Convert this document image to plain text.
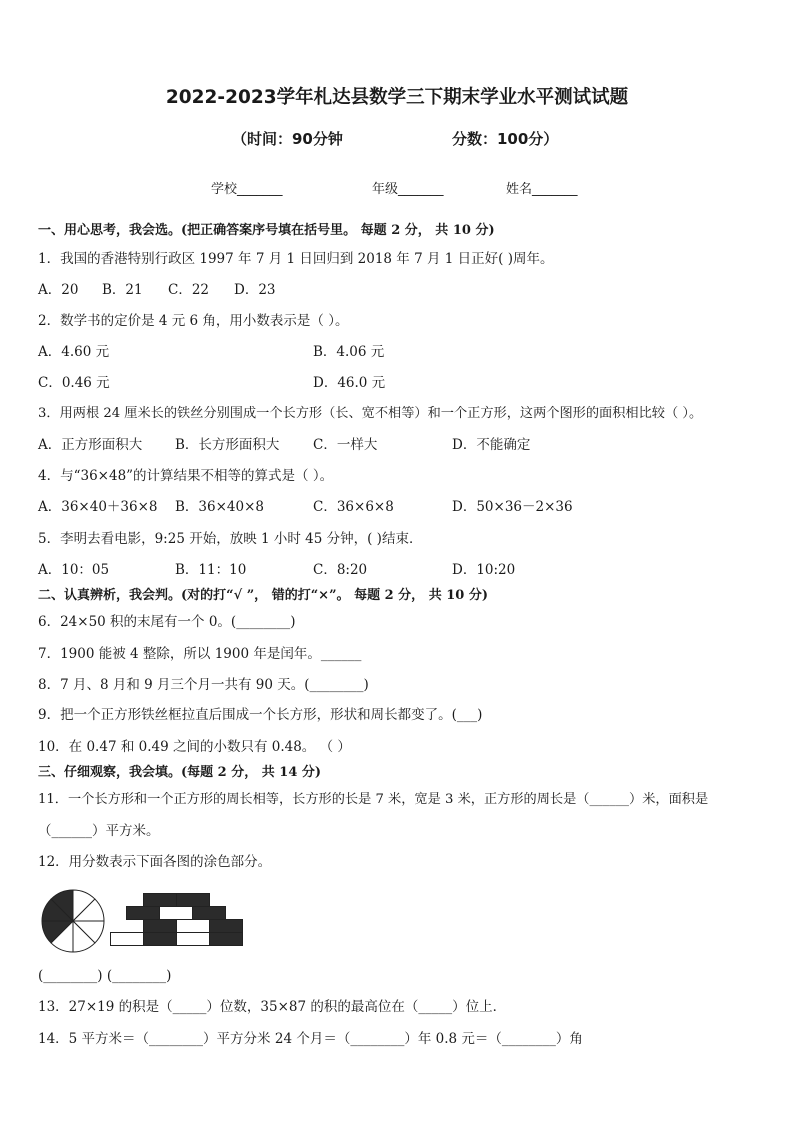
2022-2023学年札达县数学三下期末学业水平测试试题
（时间：90分钟	分数：100分）
学校_______	年级_______	姓名_______
一、用心思考，我会选。(把正确答案序号填在括号里。 每题 2 分， 共 10 分)
1．我国的香港特别行政区 1997 年 7 月 1 日回归到 2018 年 7 月 1 日正好( )周年。
A．20 B．21 C．22 D．23
2．数学书的定价是 4 元 6 角，用小数表示是（ ）。
A．4.60 元	B．4.06 元
C．0.46 元	D．46.0 元
3．用两根 24 厘米长的铁丝分别围成一个长方形（长、宽不相等）和一个正方形，这两个图形的面积相比较（ ）。
A．正方形面积大 B．长方形面积大 C．一样大	D．不能确定
4．与“36×48”的计算结果不相等的算式是（ ）。
A．36×40＋36×8 B．36×40×8	C．36×6×8	D．50×36－2×36
5．李明去看电影，9:25 开始，放映 1 小时 45 分钟，( )结束．
A．10：05	B．11：10	C．8:20	D．10:20
二、认真辨析，我会判。(对的打“√ ”， 错的打“×”。 每题 2 分， 共 10 分)
6．24×50 积的末尾有一个 0。(________)
7．1900 能被 4 整除，所以 1900 年是闰年。______
8．7 月、8 月和 9 月三个月一共有 90 天。(________)
9．把一个正方形铁丝框拉直后围成一个长方形，形状和周长都变了。(___)
10．在 0.47 和 0.49 之间的小数只有 0.48。 （ ）
三、仔细观察，我会填。(每题 2 分， 共 14 分)
11．一个长方形和一个正方形的周长相等，长方形的长是 7 米，宽是 3 米，正方形的周长是（______）米，面积是
（______）平方米。
12．用分数表示下面各图的涂色部分。
(________) (________)
13．27×19 的积是（_____）位数，35×87 的积的最高位在（_____）位上．
14．5 平方米＝（________）平方分米 24 个月＝（________）年 0.8 元＝（________）角
